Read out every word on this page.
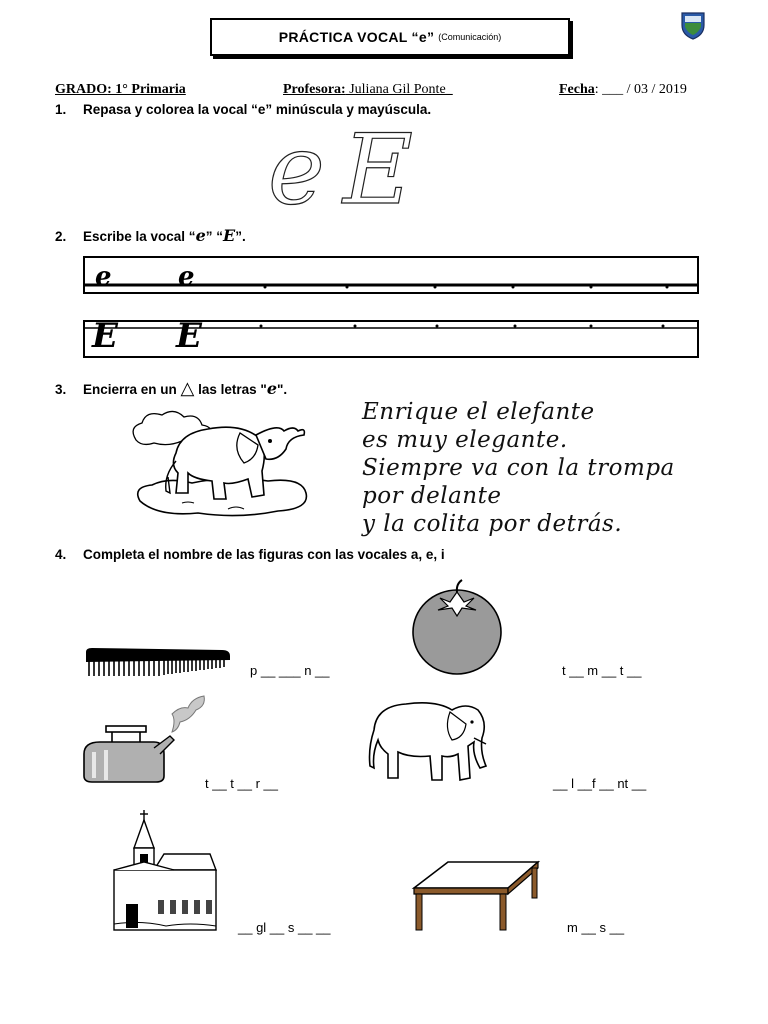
PRÁCTICA VOCAL “e” (Comunicación)
GRADO: 1° Primaria	Profesora: Juliana Gil Ponte_	Fecha: ___ / 03 / 2019
1. Repasa y colorea la vocal “e” minúscula y mayúscula.
eE
2. Escribe la vocal “e” “E”.
e	e
E E
3. Encierra en un △ las letras "e".
Enrique el elefante
es muy elegante.
Siempre va con la trompa
por delante
y la colita por detrás.
4. Completa el nombre de las figuras con las vocales a, e, i
p __ ___ n __	t __ m __ t __
t __ t __ r __	__ l __f __ nt __
__ gl __ s __ __	m __ s __
